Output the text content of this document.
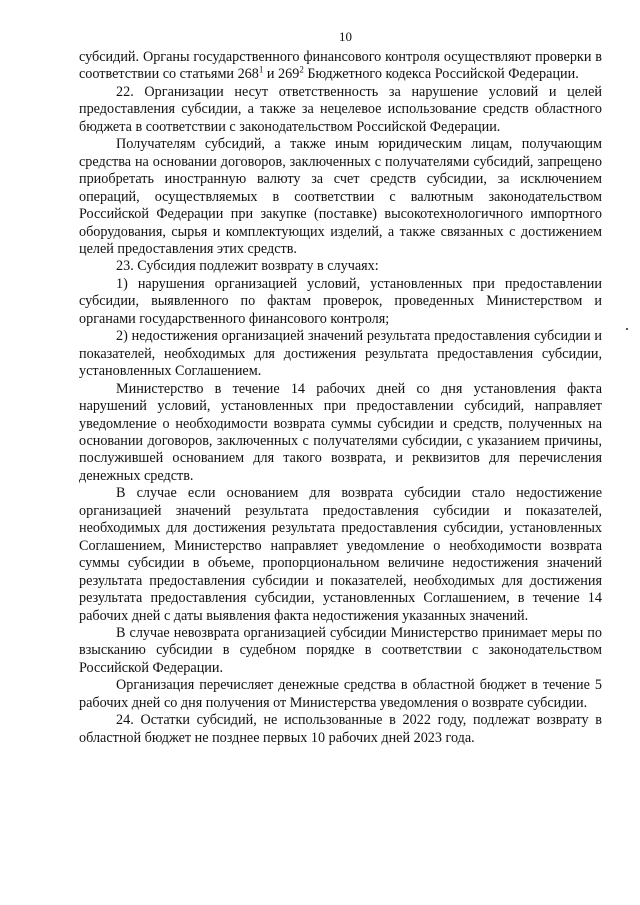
10

субсидий. Органы государственного финансового контроля осуществляют проверки в соответствии со статьями $268^1$ и $269^2$ Бюджетного кодекса Российской Федерации.

22. Организации несут ответственность за нарушение условий и целей предоставления субсидии, а также за нецелевое использование средств областного бюджета в соответствии с законодательством Российской Федерации.

Получателям субсидий, а также иным юридическим лицам, получающим средства на основании договоров, заключенных с получателями субсидий, запрещено приобретать иностранную валюту за счет средств субсидии, за исключением операций, осуществляемых в соответствии с валютным законодательством Российской Федерации при закупке (поставке) высокотехнологичного импортного оборудования, сырья и комплектующих изделий, а также связанных с достижением целей предоставления этих средств.

23. Субсидия подлежит возврату в случаях:

1) нарушения организацией условий, установленных при предоставлении субсидии, выявленного по фактам проверок, проведенных Министерством и органами государственного финансового контроля;

2) недостижения организацией значений результата предоставления субсидии и показателей, необходимых для достижения результата предоставления субсидии, установленных Соглашением.

Министерство в течение 14 рабочих дней со дня установления факта нарушений условий, установленных при предоставлении субсидий, направляет уведомление о необходимости возврата суммы субсидии и средств, полученных на основании договоров, заключенных с получателями субсидии, с указанием причины, послужившей основанием для такого возврата, и реквизитов для перечисления денежных средств.

В случае если основанием для возврата субсидии стало недостижение организацией значений результата предоставления субсидии и показателей, необходимых для достижения результата предоставления субсидии, установленных Соглашением, Министерство направляет уведомление о необходимости возврата суммы субсидии в объеме, пропорциональном величине недостижения значений результата предоставления субсидии и показателей, необходимых для достижения результата предоставления субсидии, установленных Соглашением, в течение 14 рабочих дней с даты выявления факта недостижения указанных значений.

В случае невозврата организацией субсидии Министерство принимает меры по взысканию субсидии в судебном порядке в соответствии с законодательством Российской Федерации.

Организация перечисляет денежные средства в областной бюджет в течение 5 рабочих дней со дня получения от Министерства уведомления о возврате субсидии.

24. Остатки субсидий, не использованные в 2022 году, подлежат возврату в областной бюджет не позднее первых 10 рабочих дней 2023 года.
